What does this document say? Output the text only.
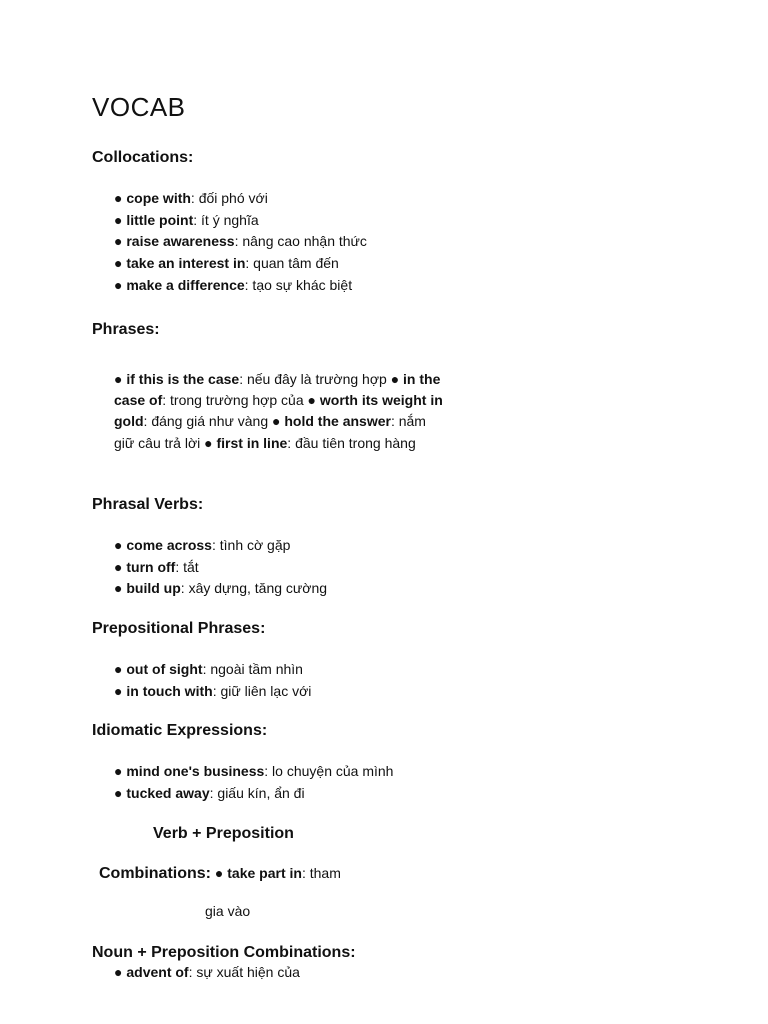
VOCAB
Collocations:
● cope with: đối phó với
● little point: ít ý nghĩa
● raise awareness: nâng cao nhận thức
● take an interest in: quan tâm đến
● make a difference: tạo sự khác biệt
Phrases:

● if this is the case: nếu đây là trường hợp ● in the case of: trong trường hợp của ● worth its weight in gold: đáng giá như vàng ● hold the answer: nắm giữ câu trả lời ● first in line: đầu tiên trong hàng

Phrasal Verbs:
● come across: tình cờ gặp
● turn off: tắt
● build up: xây dựng, tăng cường
Prepositional Phrases:
● out of sight: ngoài tầm nhìn
● in touch with: giữ liên lạc với
Idiomatic Expressions:
● mind one's business: lo chuyện của mình
● tucked away: giấu kín, ẩn đi
Verb + Preposition
Combinations: ● take part in: tham
gia vào
Noun + Preposition Combinations:
● advent of: sự xuất hiện của
